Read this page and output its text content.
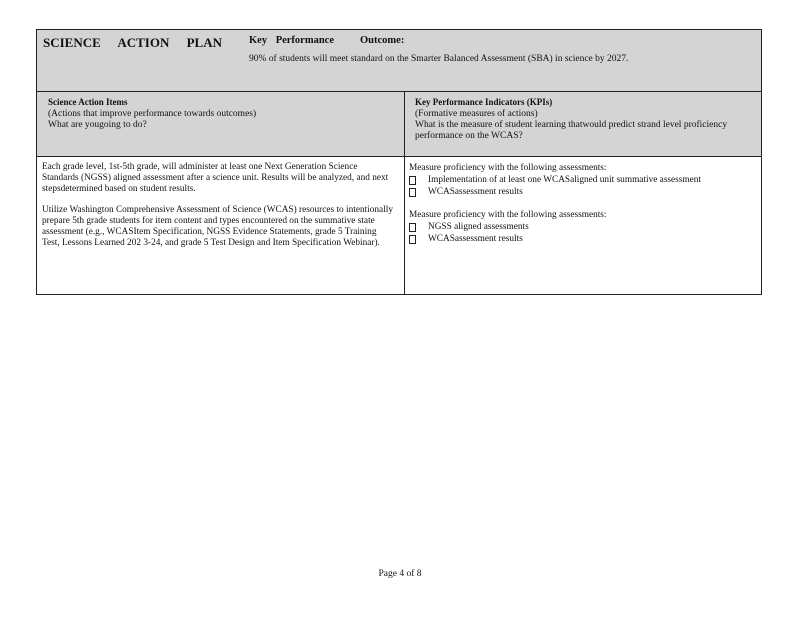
SCIENCE ACTION PLAN	Key Performance Outcome:
90% of students will meet standard on the Smarter Balanced Assessment (SBA) in science by 2027.
Science Action Items
(Actions that improve performance towards outcomes)
What are yougoing to do?
Key Performance Indicators (KPIs)
(Formative measures of actions)
What is the measure of student learning thatwould predict strand level proficiency performance on the WCAS?

Each grade level, 1st-5th grade, will administer at least one Next Generation Science Standards (NGSS) aligned assessment after a science unit. Results will be analyzed, and next stepsdetermined based on student results.

Utilize Washington Comprehensive Assessment of Science (WCAS) resources to intentionally prepare 5th grade students for item content and types encountered on the summative state assessment (e.g., WCASItem Specification, NGSS Evidence Statements, grade 5 Training Test, Lessons Learned 202 3-24, and grade 5 Test Design and Item Specification Webinar).

Measure proficiency with the following assessments:
Implementation of at least one WCASaligned unit summative assessment
WCASassessment results
Measure proficiency with the following assessments:
NGSS aligned assessments
WCASassessment results
Page 4 of 8
